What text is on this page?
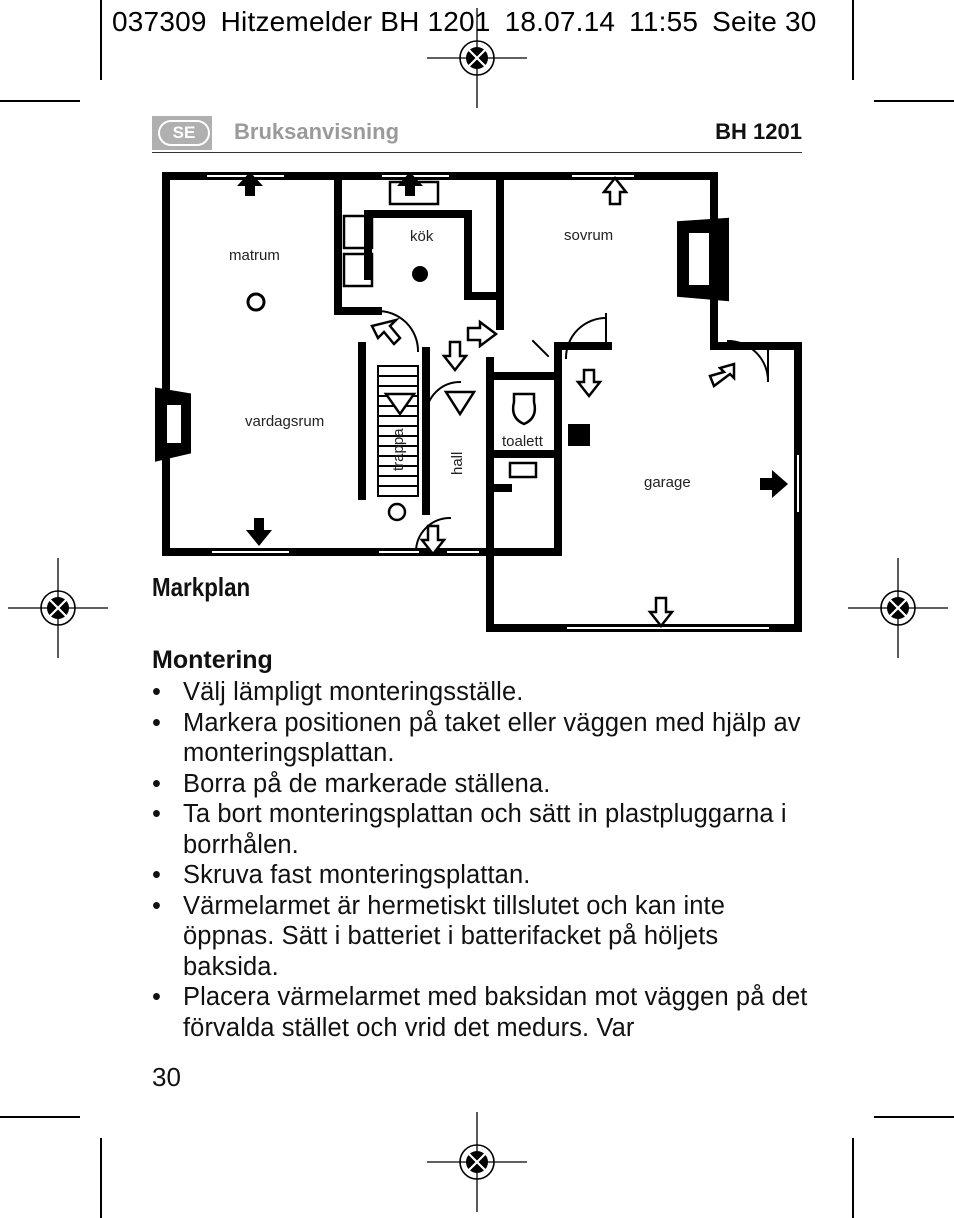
037309 Hitzemelder BH 1201 18.07.14 11:55 Seite 30
SE	Bruksanvisning	BH 1201
kök	sovrum
matrum
vardagsrum
toalett
garage
trappa	hall
Markplan
Montering
• Välj lämpligt monteringsställe.
• Markera positionen på taket eller väggen med hjälp av monteringsplattan.
• Borra på de markerade ställena.
• Ta bort monteringsplattan och sätt in plastpluggarna i borrhålen.
• Skruva fast monteringsplattan.
• Värmelarmet är hermetiskt tillslutet och kan inte öppnas. Sätt i batteriet i batterifacket på höljets baksida.
• Placera värmelarmet med baksidan mot väggen på det förvalda stället och vrid det medurs. Var
30
